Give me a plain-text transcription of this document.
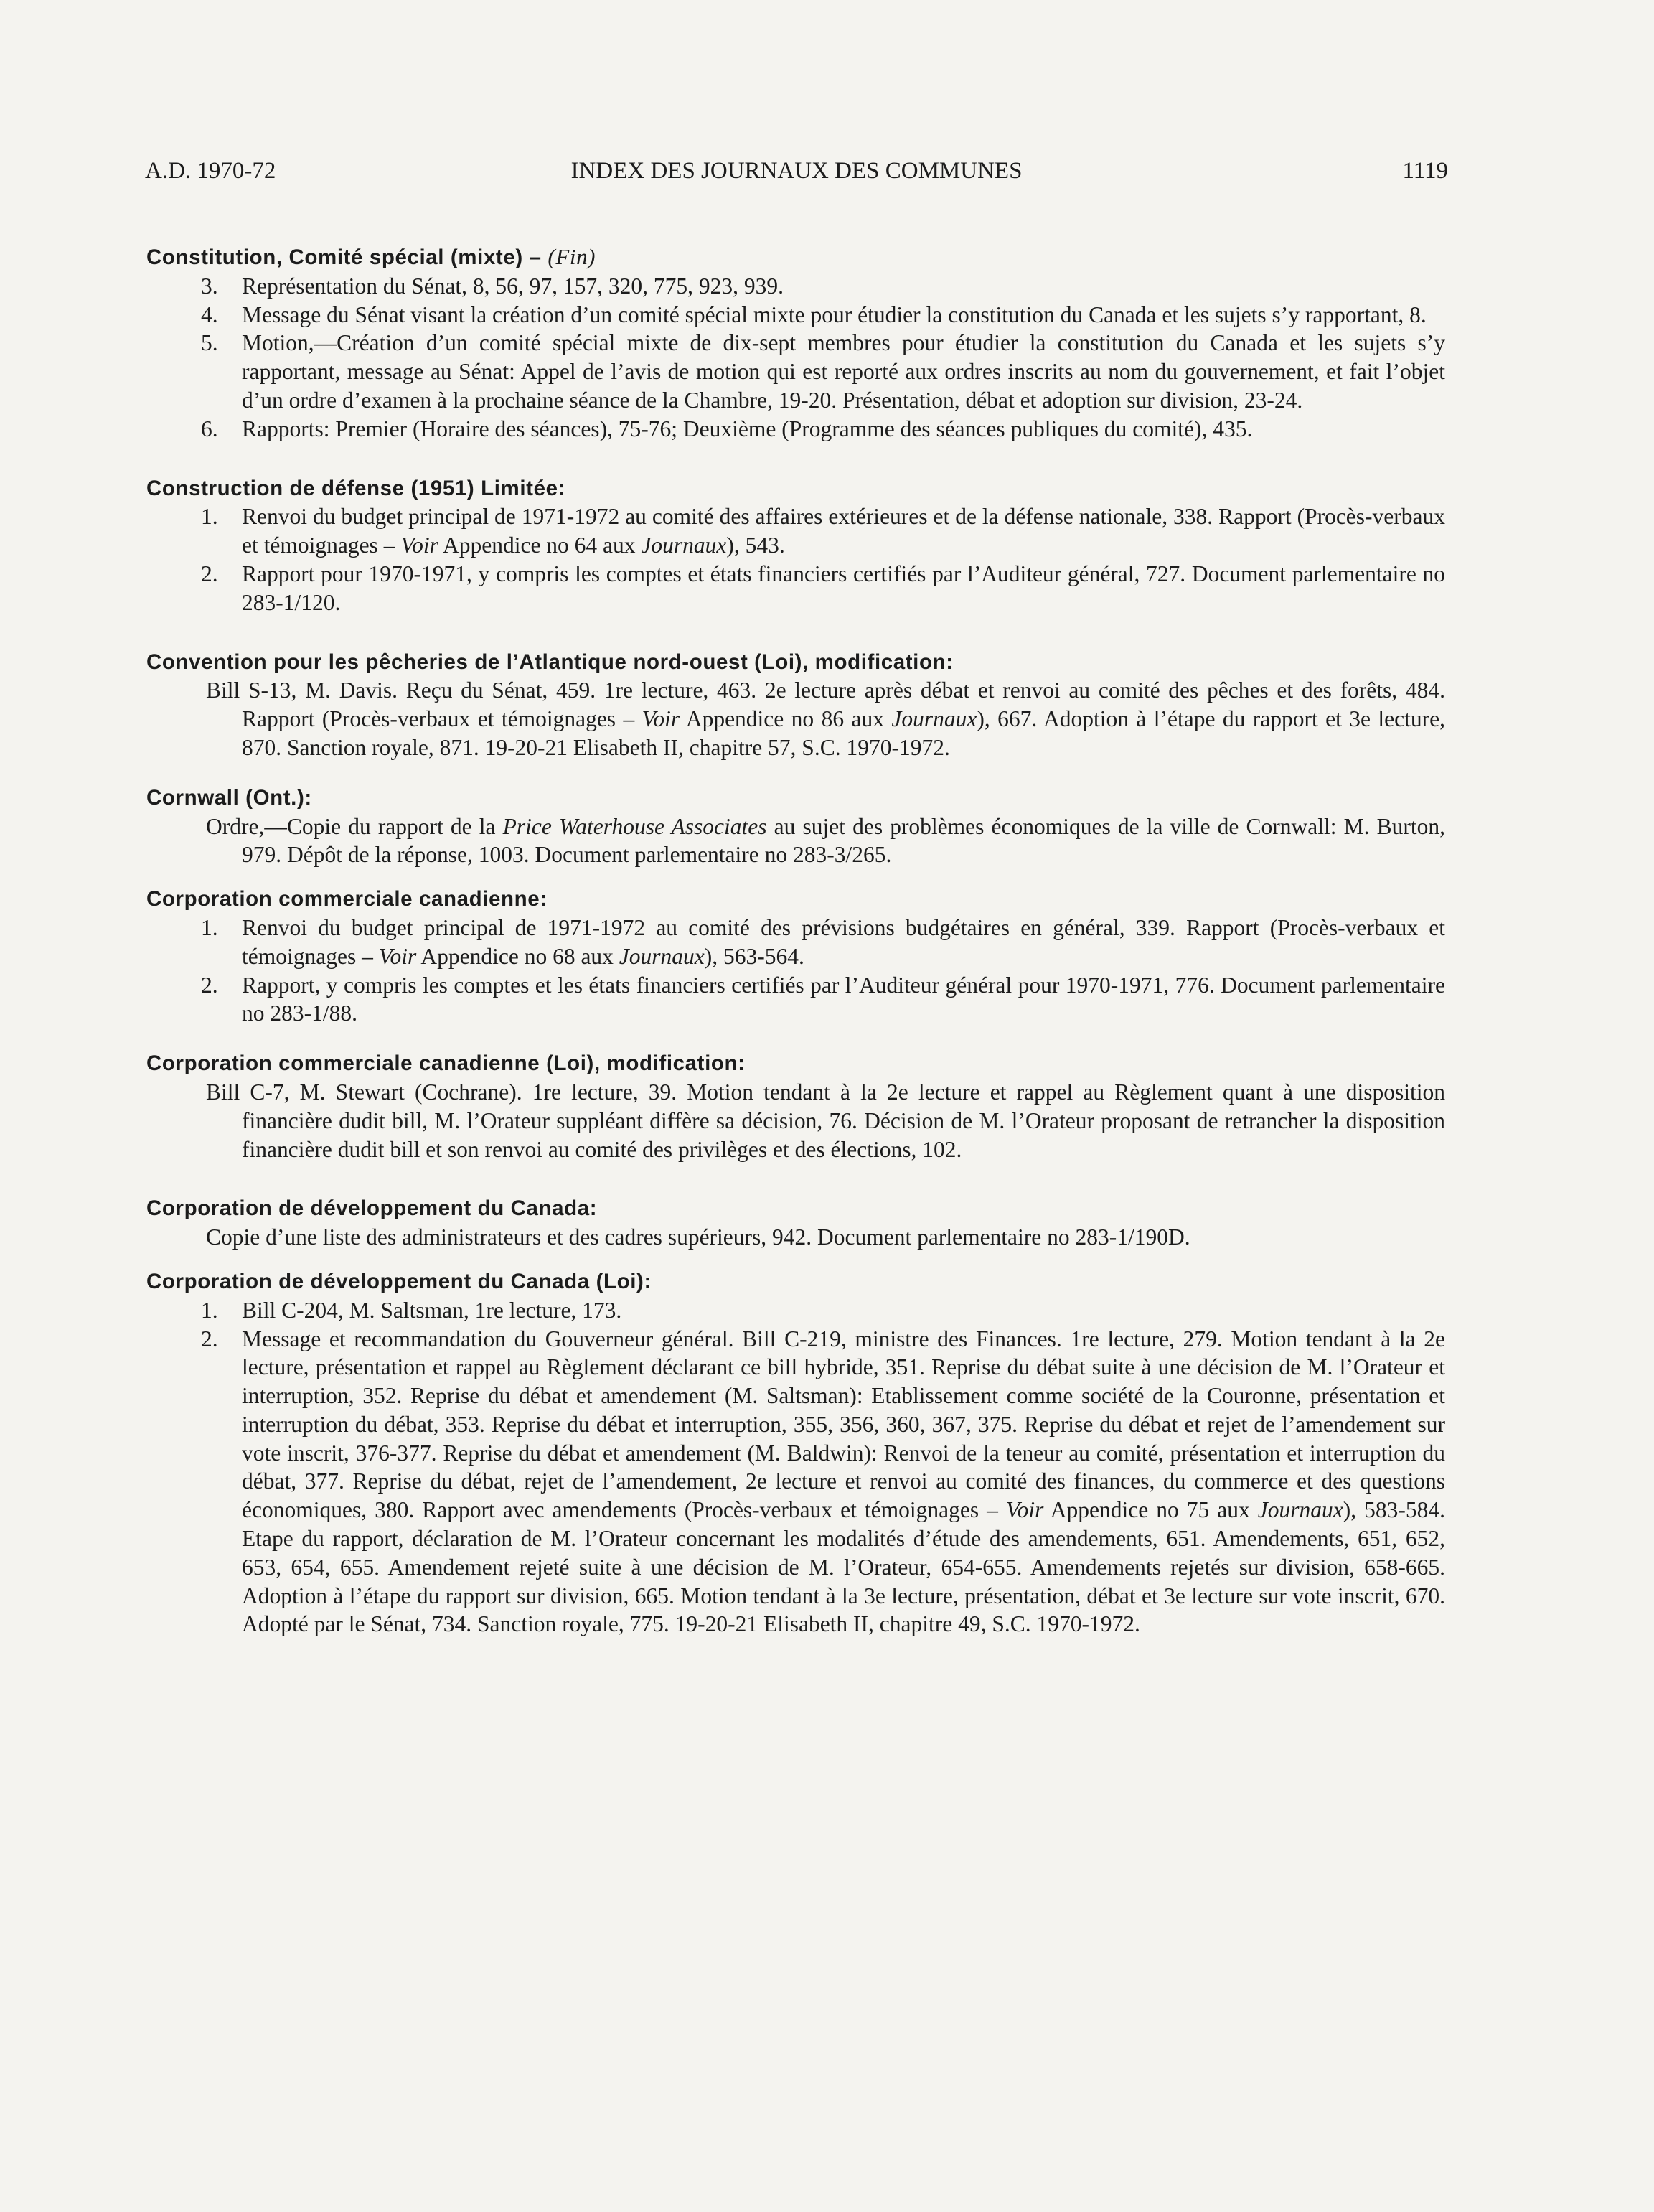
A.D. 1970-72	INDEX DES JOURNAUX DES COMMUNES	1119
Constitution, Comité spécial (mixte) – (Fin)
3. Représentation du Sénat, 8, 56, 97, 157, 320, 775, 923, 939.
4. Message du Sénat visant la création d’un comité spécial mixte pour étudier la constitution du Canada et les sujets s’y rapportant, 8.
5. Motion,—Création d’un comité spécial mixte de dix-sept membres pour étudier la constitution du Canada et les sujets s’y rapportant, message au Sénat: Appel de l’avis de motion qui est reporté aux ordres inscrits au nom du gouvernement, et fait l’objet d’un ordre d’examen à la prochaine séance de la Chambre, 19-20. Présentation, débat et adoption sur division, 23-24.
6. Rapports: Premier (Horaire des séances), 75-76; Deuxième (Programme des séances publiques du comité), 435.
Construction de défense (1951) Limitée:
1. Renvoi du budget principal de 1971-1972 au comité des affaires extérieures et de la défense nationale, 338. Rapport (Procès-verbaux et témoignages – Voir Appendice no 64 aux Journaux), 543.
2. Rapport pour 1970-1971, y compris les comptes et états financiers certifiés par l’Auditeur général, 727. Document parlementaire no 283-1/120.
Convention pour les pêcheries de l’Atlantique nord-ouest (Loi), modification:
Bill S-13, M. Davis. Reçu du Sénat, 459. 1re lecture, 463. 2e lecture après débat et renvoi au comité des pêches et des forêts, 484. Rapport (Procès-verbaux et témoignages – Voir Appendice no 86 aux Journaux), 667. Adoption à l’étape du rapport et 3e lecture, 870. Sanction royale, 871. 19-20-21 Elisabeth II, chapitre 57, S.C. 1970-1972.
Cornwall (Ont.):
Ordre,—Copie du rapport de la Price Waterhouse Associates au sujet des problèmes économiques de la ville de Cornwall: M. Burton, 979. Dépôt de la réponse, 1003. Document parlementaire no 283-3/265.
Corporation commerciale canadienne:
1. Renvoi du budget principal de 1971-1972 au comité des prévisions budgétaires en général, 339. Rapport (Procès-verbaux et témoignages – Voir Appendice no 68 aux Journaux), 563-564.
2. Rapport, y compris les comptes et les états financiers certifiés par l’Auditeur général pour 1970-1971, 776. Document parlementaire no 283-1/88.
Corporation commerciale canadienne (Loi), modification:
Bill C-7, M. Stewart (Cochrane). 1re lecture, 39. Motion tendant à la 2e lecture et rappel au Règlement quant à une disposition financière dudit bill, M. l’Orateur suppléant diffère sa décision, 76. Décision de M. l’Orateur proposant de retrancher la disposition financière dudit bill et son renvoi au comité des privilèges et des élections, 102.
Corporation de développement du Canada:
Copie d’une liste des administrateurs et des cadres supérieurs, 942. Document parlementaire no 283-1/190D.
Corporation de développement du Canada (Loi):
1. Bill C-204, M. Saltsman, 1re lecture, 173.
2. Message et recommandation du Gouverneur général. Bill C-219, ministre des Finances. 1re lecture, 279. Motion tendant à la 2e lecture, présentation et rappel au Règlement déclarant ce bill hybride, 351. Reprise du débat suite à une décision de M. l’Orateur et interruption, 352. Reprise du débat et amendement (M. Saltsman): Etablissement comme société de la Couronne, présentation et interruption du débat, 353. Reprise du débat et interruption, 355, 356, 360, 367, 375. Reprise du débat et rejet de l’amendement sur vote inscrit, 376-377. Reprise du débat et amendement (M. Baldwin): Renvoi de la teneur au comité, présentation et interruption du débat, 377. Reprise du débat, rejet de l’amendement, 2e lecture et renvoi au comité des finances, du commerce et des questions économiques, 380. Rapport avec amendements (Procès-verbaux et témoignages – Voir Appendice no 75 aux Journaux), 583-584. Etape du rapport, déclaration de M. l’Orateur concernant les modalités d’étude des amendements, 651. Amendements, 651, 652, 653, 654, 655. Amendement rejeté suite à une décision de M. l’Orateur, 654-655. Amendements rejetés sur division, 658-665. Adoption à l’étape du rapport sur division, 665. Motion tendant à la 3e lecture, présentation, débat et 3e lecture sur vote inscrit, 670. Adopté par le Sénat, 734. Sanction royale, 775. 19-20-21 Elisabeth II, chapitre 49, S.C. 1970-1972.
